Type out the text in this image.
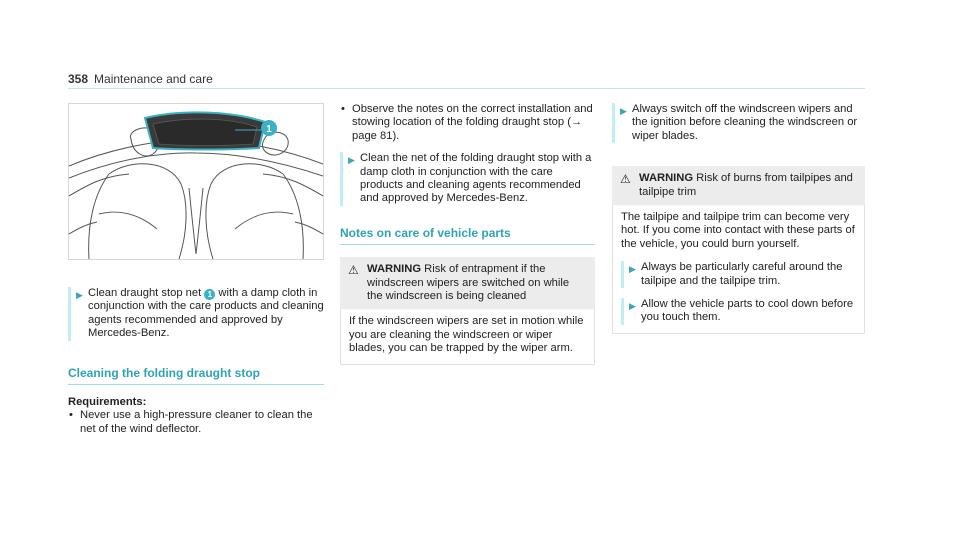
358 Maintenance and care
1
▶ Clean draught stop net 1 with a damp cloth in conjunction with the care products and cleaning agents recommended and approved by Mercedes-Benz.
Cleaning the folding draught stop
Requirements:
• Never use a high-pressure cleaner to clean the net of the wind deflector.
• Observe the notes on the correct installation and stowing location of the folding draught stop (→ page 81).
▶ Clean the net of the folding draught stop with a damp cloth in conjunction with the care products and cleaning agents recommended and approved by Mercedes-Benz.
Notes on care of vehicle parts
⚠ WARNING Risk of entrapment if the windscreen wipers are switched on while the windscreen is being cleaned
If the windscreen wipers are set in motion while you are cleaning the windscreen or wiper blades, you can be trapped by the wiper arm.
▶ Always switch off the windscreen wipers and the ignition before cleaning the windscreen or wiper blades.
⚠ WARNING Risk of burns from tailpipes and tailpipe trim
The tailpipe and tailpipe trim can become very hot. If you come into contact with these parts of the vehicle, you could burn yourself.
▶ Always be particularly careful around the tailpipe and the tailpipe trim.
▶ Allow the vehicle parts to cool down before you touch them.
